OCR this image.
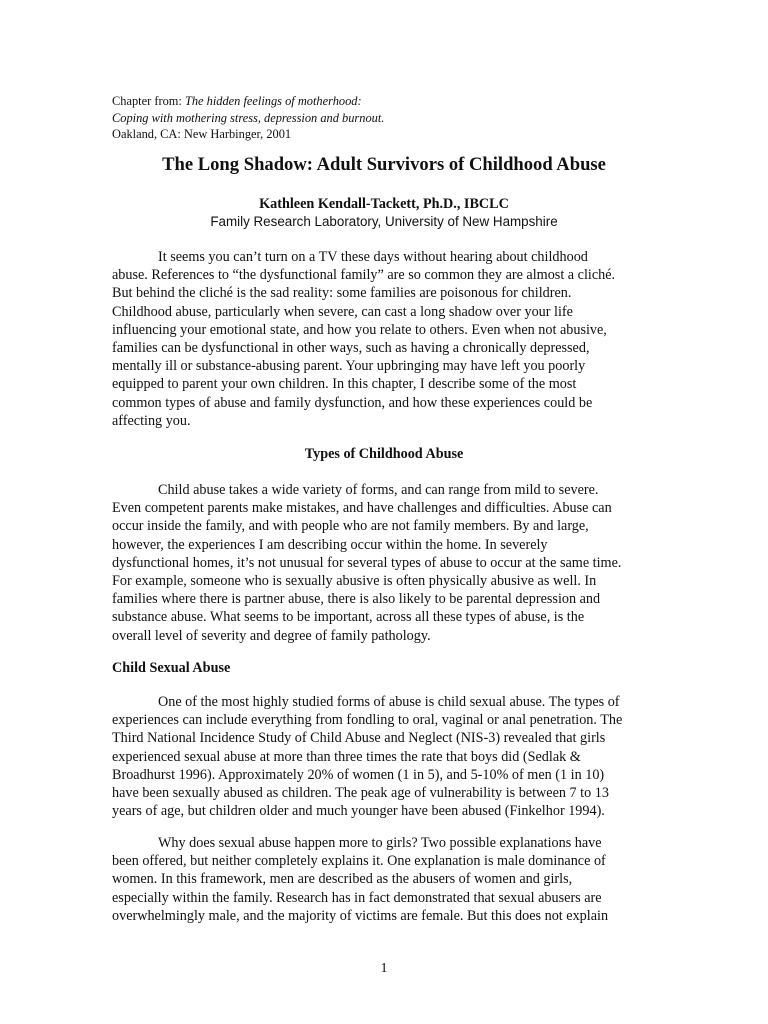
Chapter from: The hidden feelings of motherhood:
Coping with mothering stress, depression and burnout.
Oakland, CA: New Harbinger, 2001
The Long Shadow: Adult Survivors of Childhood Abuse
Kathleen Kendall-Tackett, Ph.D., IBCLC
Family Research Laboratory, University of New Hampshire
It seems you can’t turn on a TV these days without hearing about childhood
abuse. References to “the dysfunctional family” are so common they are almost a cliché.
But behind the cliché is the sad reality: some families are poisonous for children.
Childhood abuse, particularly when severe, can cast a long shadow over your life
influencing your emotional state, and how you relate to others. Even when not abusive,
families can be dysfunctional in other ways, such as having a chronically depressed,
mentally ill or substance-abusing parent. Your upbringing may have left you poorly
equipped to parent your own children. In this chapter, I describe some of the most
common types of abuse and family dysfunction, and how these experiences could be
affecting you.
Types of Childhood Abuse
Child abuse takes a wide variety of forms, and can range from mild to severe.
Even competent parents make mistakes, and have challenges and difficulties. Abuse can
occur inside the family, and with people who are not family members. By and large,
however, the experiences I am describing occur within the home. In severely
dysfunctional homes, it’s not unusual for several types of abuse to occur at the same time.
For example, someone who is sexually abusive is often physically abusive as well. In
families where there is partner abuse, there is also likely to be parental depression and
substance abuse. What seems to be important, across all these types of abuse, is the
overall level of severity and degree of family pathology.
Child Sexual Abuse
One of the most highly studied forms of abuse is child sexual abuse. The types of
experiences can include everything from fondling to oral, vaginal or anal penetration. The
Third National Incidence Study of Child Abuse and Neglect (NIS-3) revealed that girls
experienced sexual abuse at more than three times the rate that boys did (Sedlak &
Broadhurst 1996). Approximately 20% of women (1 in 5), and 5-10% of men (1 in 10)
have been sexually abused as children. The peak age of vulnerability is between 7 to 13
years of age, but children older and much younger have been abused (Finkelhor 1994).
Why does sexual abuse happen more to girls? Two possible explanations have
been offered, but neither completely explains it. One explanation is male dominance of
women. In this framework, men are described as the abusers of women and girls,
especially within the family. Research has in fact demonstrated that sexual abusers are
overwhelmingly male, and the majority of victims are female. But this does not explain
1
